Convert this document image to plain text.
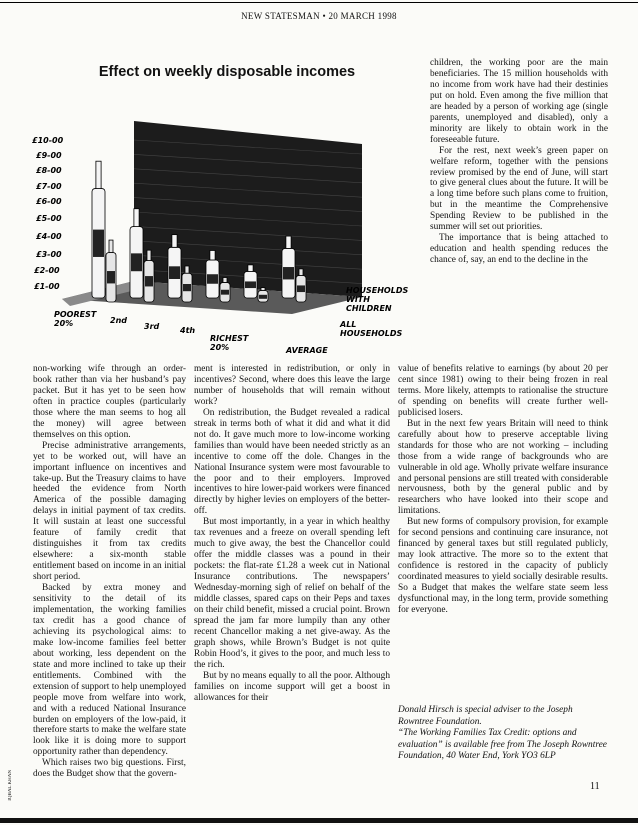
NEW STATESMAN • 20 MARCH 1998
Effect on weekly disposable incomes
£10-00
£9-00
£8-00
£7-00
£6-00
£5-00
£4-00
£3-00
£2-00
£1-00
POOREST 20%	2nd
3rd	4th
RICHEST 20%	AVERAGE
HOUSEHOLDS WITH CHILDREN
ALL HOUSEHOLDS

non-working wife through an order-book rather than via her husband’s pay packet. But it has yet to be seen how often in practice couples (particularly those where the man seems to hog all the money) will agree between themselves on this option.

Precise administrative arrangements, yet to be worked out, will have an important influence on incentives and take-up. But the Treasury claims to have heeded the evidence from North America of the possible damaging delays in initial payment of tax credits. It will sustain at least one successful feature of family credit that distinguishes it from tax credits elsewhere: a six-month stable entitlement based on income in an initial short period.

Backed by extra money and sensitivity to the detail of its implementation, the working families tax credit has a good chance of achieving its psychological aims: to make low-income families feel better about working, less dependent on the state and more inclined to take up their entitlements. Combined with the extension of support to help unemployed people move from welfare into work, and with a reduced National Insurance burden on employers of the low-paid, it therefore starts to make the welfare state look like it is doing more to support opportunity rather than dependency.

Which raises two big questions. First, does the Budget show that the govern-

ment is interested in redistribution, or only in incentives? Second, where does this leave the large number of households that will remain without work?

On redistribution, the Budget revealed a radical streak in terms both of what it did and what it did not do. It gave much more to low-income working families than would have been needed strictly as an incentive to come off the dole. Changes in the National Insurance system were most favourable to the poor and to their employers. Improved incentives to hire lower-paid workers were financed directly by higher levies on employers of the better-off.

But most importantly, in a year in which healthy tax revenues and a freeze on overall spending left much to give away, the best the Chancellor could offer the middle classes was a pound in their pockets: the flat-rate £1.28 a week cut in National Insurance contributions. The newspapers’ Wednesday-morning sigh of relief on behalf of the middle classes, spared caps on their Peps and taxes on their child benefit, missed a crucial point. Brown spread the jam far more lumpily than any other recent Chancellor making a net give-away. As the graph shows, while Brown’s Budget is not quite Robin Hood’s, it gives to the poor, and much less to the rich.

But by no means equally to all the poor. Although families on income support will get a boost in allowances for their

children, the working poor are the main beneficiaries. The 15 million households with no income from work have had their destinies put on hold. Even among the five million that are headed by a person of working age (single parents, unemployed and disabled), only a minority are likely to obtain work in the foreseeable future.

For the rest, next week’s green paper on welfare reform, together with the pensions review promised by the end of June, will start to give general clues about the future. It will be a long time before such plans come to fruition, but in the meantime the Comprehensive Spending Review to be published in the summer will set out priorities.

The importance that is being attached to education and health spending reduces the chance of, say, an end to the decline in the

value of benefits relative to earnings (by about 20 per cent since 1981) owing to their being frozen in real terms. More likely, attempts to rationalise the structure of spending on benefits will create further well-publicised losers.

But in the next few years Britain will need to think carefully about how to preserve acceptable living standards for those who are not working – including those from a wide range of backgrounds who are vulnerable in old age. Wholly private welfare insurance and personal pensions are still treated with considerable nervousness, both by the general public and by researchers who have looked into their scope and limitations.

But new forms of compulsory provision, for example for second pensions and continuing care insurance, not financed by general taxes but still regulated publicly, may look attractive. The more so to the extent that confidence is restored in the capacity of publicly coordinated measures to yield socially desirable results. So a Budget that makes the welfare state seem less dysfunctional may, in the long term, provide something for everyone.

Donald Hirsch is special adviser to the Joseph Rowntree Foundation.
“The Working Families Tax Credit: options and evaluation” is available free from The Joseph Rowntree Foundation, 40 Water End, York YO3 6LP
11
IQBAL KHAN
